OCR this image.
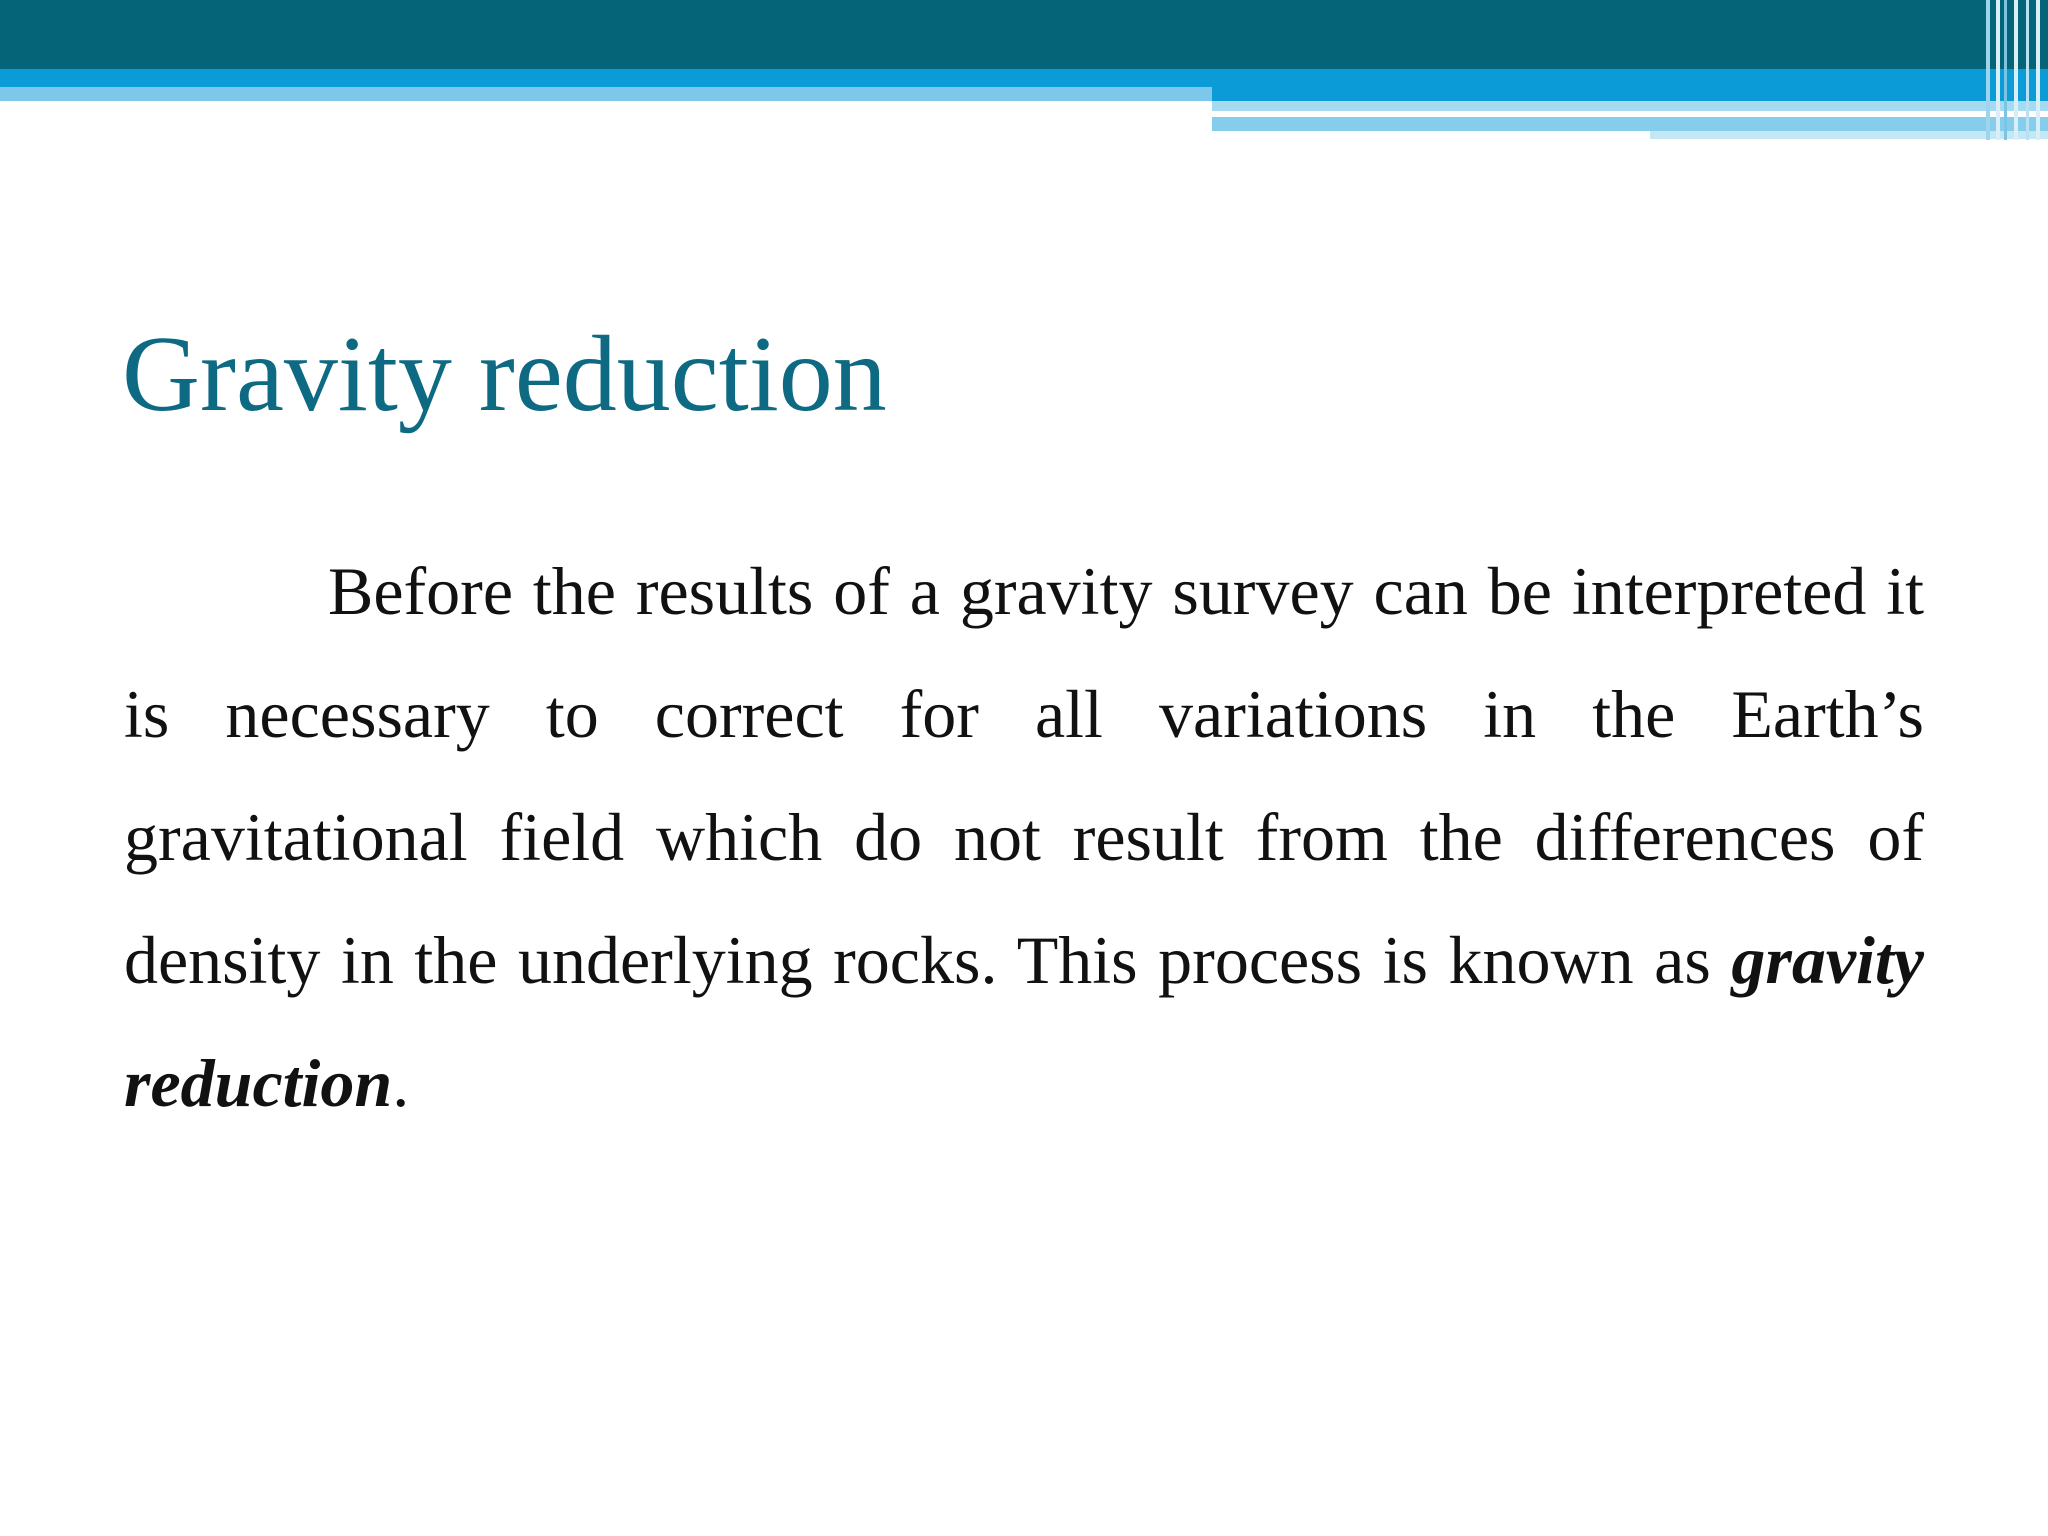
Gravity reduction

Before the results of a gravity survey can be interpreted it is necessary to correct for all variations in the Earth’s gravitational field which do not result from the differences of density in the underlying rocks. This process is known as gravity reduction.
